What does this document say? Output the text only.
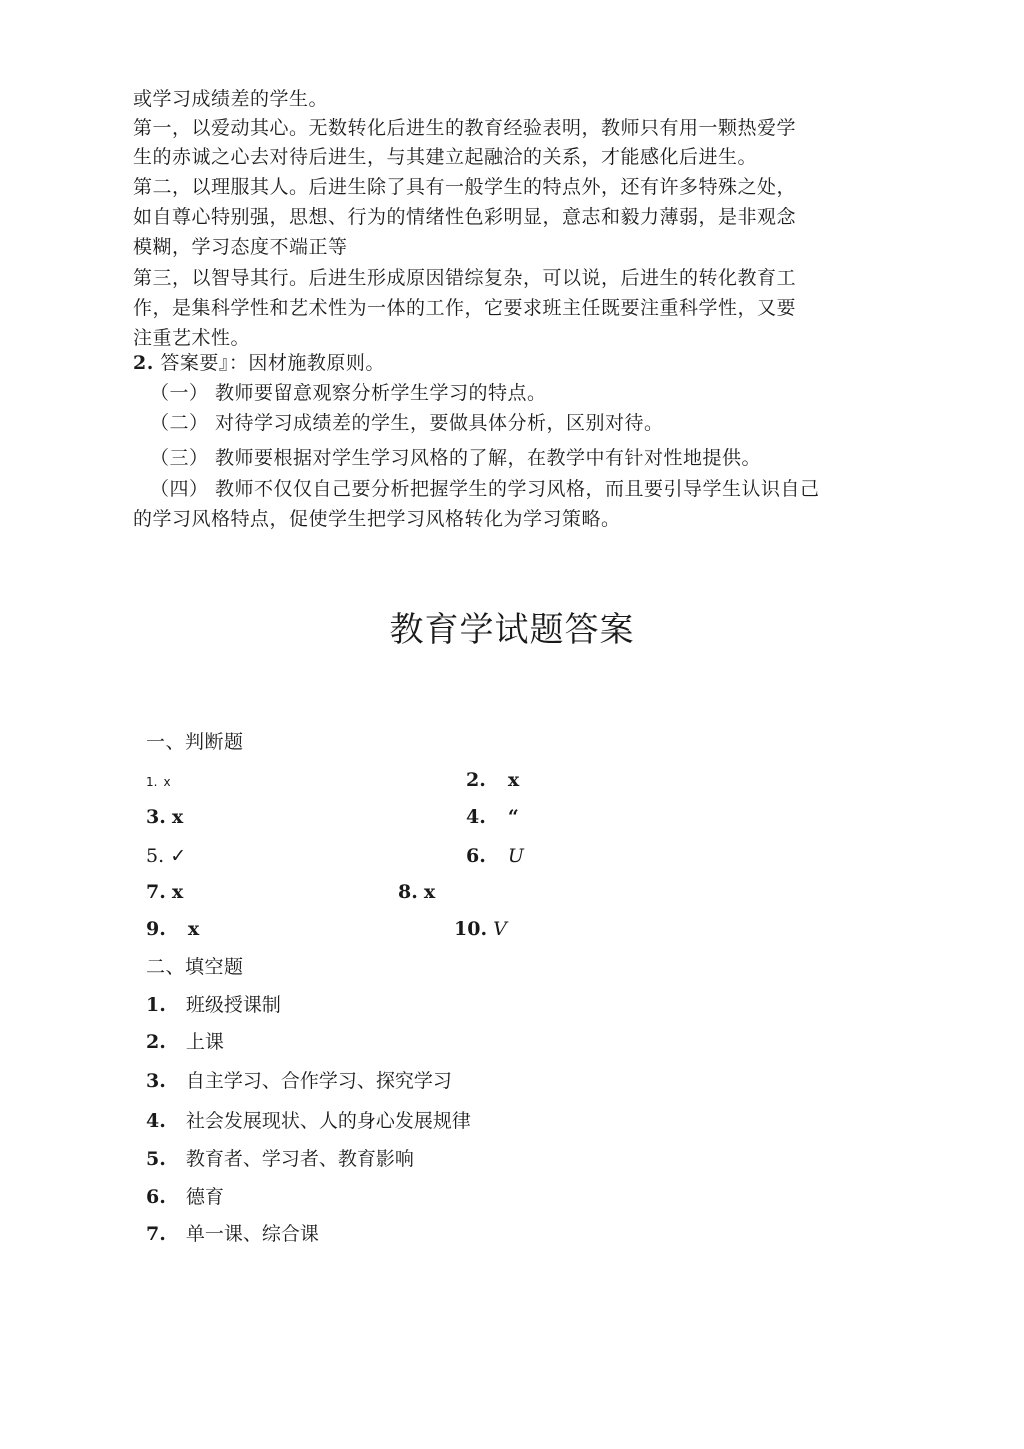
或学习成绩差的学生。
第一，以爱动其心。无数转化后进生的教育经验表明，教师只有用一颗热爱学
生的赤诚之心去对待后进生，与其建立起融洽的关系，才能感化后进生。
第二，以理服其人。后进生除了具有一般学生的特点外，还有许多特殊之处，
如自尊心特别强，思想、行为的情绪性色彩明显，意志和毅力薄弱，是非观念
模糊，学习态度不端正等
第三，以智导其行。后进生形成原因错综复杂，可以说，后进生的转化教育工
作，是集科学性和艺术性为一体的工作，它要求班主任既要注重科学性，又要
注重艺术性。
2. 答案要』：因材施教原则。
（一） 教师要留意观察分析学生学习的特点。
（二） 对待学习成绩差的学生，要做具体分析，区别对待。
（三） 教师要根据对学生学习风格的了解，在教学中有针对性地提供。
（四） 教师不仅仅自己要分析把握学生的学习风格，而且要引导学生认识自己
的学习风格特点，促使学生把学习风格转化为学习策略。
教育学试题答案
一、判断题
1. x	2. x
3. x	4. “
5. ✓	6. U
7. x	8. x
9. x	10. V
二、填空题
1. 班级授课制
2. 上课
3. 自主学习、合作学习、探究学习
4. 社会发展现状、人的身心发展规律
5. 教育者、学习者、教育影响
6. 德育
7. 单一课、综合课
